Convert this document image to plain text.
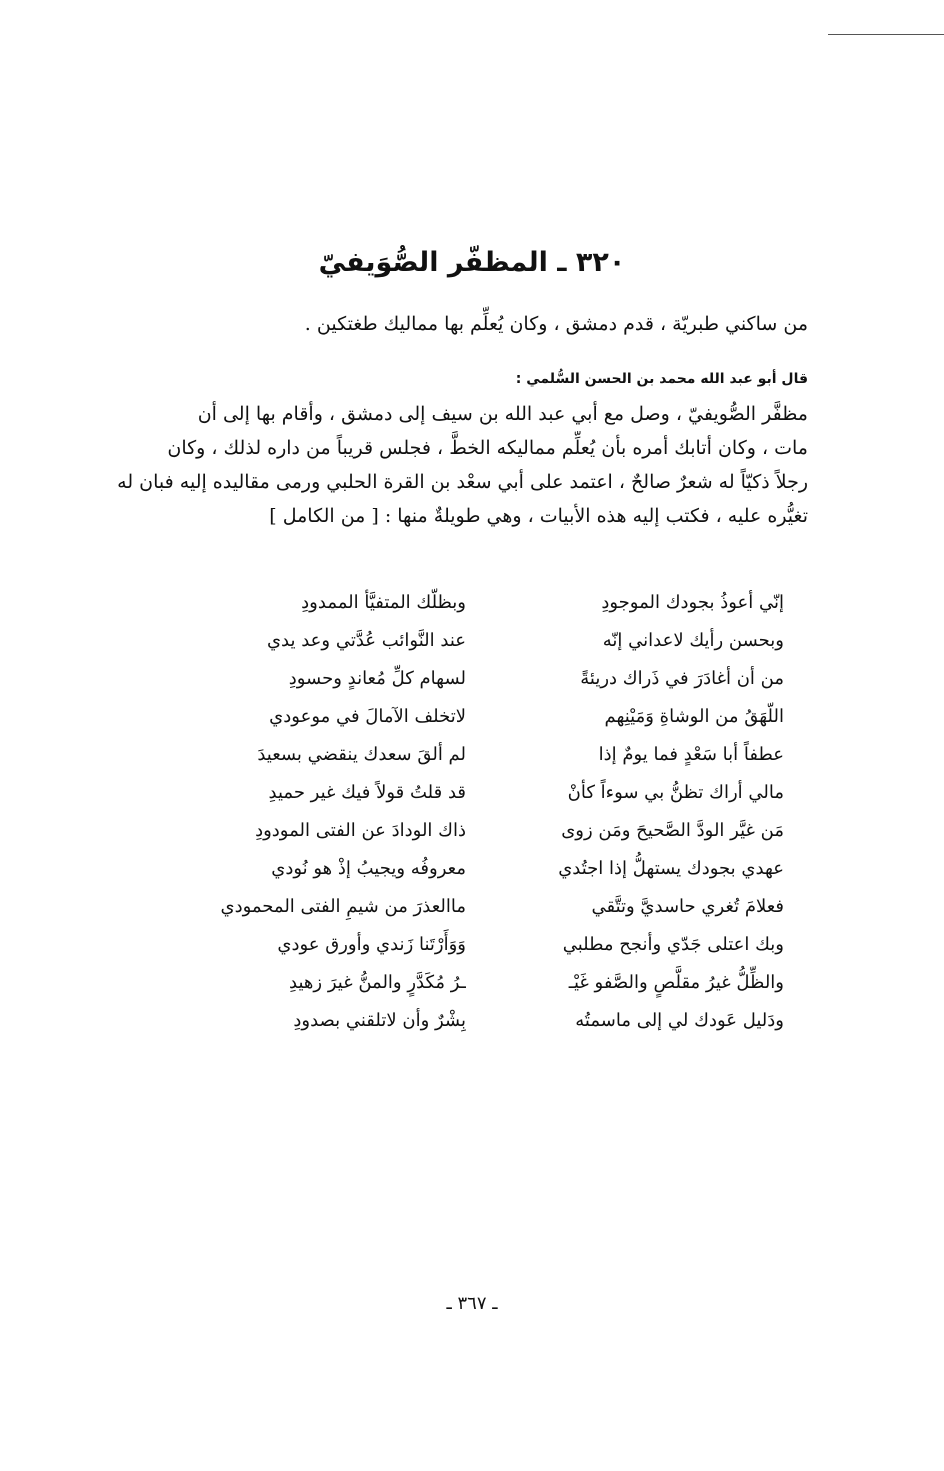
٣٢٠ ـ المظفّر الصُّوَيفيّ

من ساكني طبريّة ، قدم دمشق ، وكان يُعلِّم بها مماليك طغتكين .

قال أبو عبد الله محمد بن الحسن السُّلمي :

مظفَّر الصُّويفيّ ، وصل مع أبي عبد الله بن سيف إلى دمشق ، وأقام بها إلى أن
مات ، وكان أتابك أمره بأن يُعلِّم مماليكه الخطَّ ، فجلس قريباً من داره لذلك ، وكان
رجلاً ذكيّاً له شعرٌ صالحٌ ، اعتمد على أبي سعْد بن القرة الحلبي ورمى مقاليده إليه فبان له
تغيُّره عليه ، فكتب إليه هذه الأبيات ، وهي طويلةٌ منها : [ من الكامل ]
إنّي أعوذُ بجودك الموجودِ
وبظلّك المتفيَّأ الممدودِ
وبحسن رأيك لاعداني إنّه
عند النَّوائب عُدَّتي وعد يدي
من أن أغادَرَ في ذَراك دريئةً
لسهام كلِّ مُعاندٍ وحسودِ
اللّهَقُ من الوشاةِ وَمَيْنِهم
لاتخلف الآمالَ في موعودي
عطفاً أبا سَعْدٍ فما يومٌ إذا
لم ألقَ سعدك ينقضي بسعيدَ
مالي أراك تظنُّ بي سوءاً كأنْ
قد قلتُ قولاً فيك غير حميدِ
مَن غيَّر الودَّ الصَّحيحَ ومَن زوى
ذاك الودادَ عن الفتى المودودِ
عهدي بجودك يستهلُّ إذا اجتُدي
معروفُه ويجيبُ إذْ هو نُودي
فعلامَ تُغري حاسديَّ وتتَّقي
ماالعذرَ من شيمِ الفتى المحمودي
وبك اعتلى جَدّي وأنجح مطلبي
وَوَأَرْتَنا زَندي وأورق عودي
والظِّلُّ غيرُ مقلَّصٍ والصَّفو غَيْـ
ـرُ مُكَدَّرٍ والمنُّ غيرَ زهيدِ
ودَليل عَودك لي إلى ماسمتُه
بِشْرٌ وأن لاتلقني بصدودِ
ـ ٣٦٧ ـ
